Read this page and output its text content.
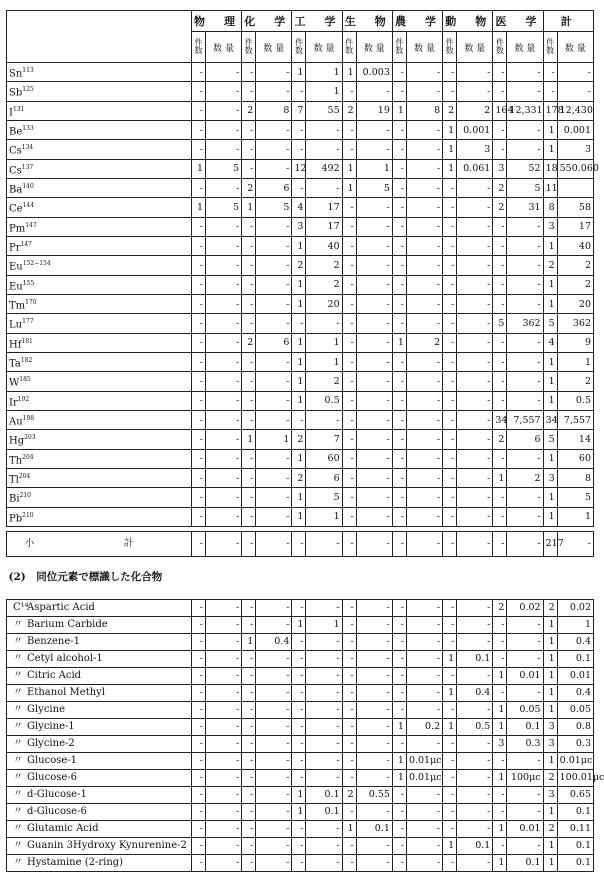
	物　理		化　学		工　学		生　物		農　学		動　物		医　学		計	
	件数	数 量	件数	数 量	件数	数 量	件数	数 量	件数	数 量	件数	数 量	件数	数 量	件数	数 量
Sn$^{113}$	-	-	-	-	1	1	1	0.003	-	-	-	-	-	-	-	-
Sb$^{125}$	-	-	-	-	-	1	-	-	-	-	-	-	-	-	-	-
$I^{131}$	-	-	2	8	7	55	2	19	1	8	2	2	164	12,331	178	12,430
Be$^{133}$	-	-	-	-	-	-	-	-	-	-	1	0.001	-	-	1	0.001
Cs$^{134}$	-	-	-	-	-	-	-	-	-	-	1	3	-	-	1	3
Cs$^{137}$	1	5	-	-	12	492	1	1	-	-	1	0.061	3	52	18	550.060
Ba$^{140}$	-	-	2	6	-	-	1	5	-	-	-	-	2	5	11	
Ce$^{144}$	1	5	1	5	4	17	-	-	-	-	-	-	2	31	8	58
Pm$^{147}$	-	-	-	-	3	17	-	-	-	-	-	-	-	-	3	17
Pr$^{147}$	-	-	-	-	1	40	-	-	-	-	-	-	-	-	1	40
$Eu^{152-154}$	-	-	-	-	2	2	-	-	-	-	-	-	-	-	2	2
Eu$^{155}$	-	-	-	-	1	2	-	-	-	-	-	-	-	-	1	2
Tm$^{170}$	-	-	-	-	1	20	-	-	-	-	-	-	-	-	1	20
Lu$^{177}$	-	-	-	-	-	-	-	-	-	-	-	-	5	362	5	362
Hf$^{181}$	-	-	2	6	1	1	-	-	1	2	-	-	-	-	4	9
Ta$^{182}$	-	-	-	-	1	1	-	-	-	-	-	-	-	-	1	1
$W^{185}$	-	-	-	-	1	2	-	-	-	-	-	-	-	-	1	2
Ir$^{192}$	-	-	-	-	1	0.5	-	-	-	-	-	-	-	-	1	0.5
Au$^{198}$	-	-	-	-	-	-	-	-	-	-	-	-	34	7,557	34	7,557
Hg$^{203}$	-	-	1	1	2	7	-	-	-	-	-	-	2	6	5	14
Th$^{204}$	-	-	-	-	1	60	-	-	-	-	-	-	-	-	1	60
Tl$^{204}$	-	-	-	-	2	6	-	-	-	-	-	-	1	2	3	8
Bi$^{210}$	-	-	-	-	1	5	-	-	-	-	-	-	-	-	1	5
Pb$^{210}$	-	-	-	-	1	1	-	-	-	-	-	-	-	-	1	1

小　計	-	-	-	-	-	-	-	-	-	-	-	-	-	-	217	-
(2)　同位元素で標識した化合物																
C¹⁴Aspartic Acid	-	-	-	-	-	-	-	-	-	-	-	-	2	0.02	2	0.02
〃 Barium Carbide	-	-	-	-	1	1	-	-	-	-	-	-	-	-	1	1
〃 Benzene-1	-	-	1	0.4	-	-	-	-	-	-	-	-	-	-	1	0.4
〃 Cetyl alcohol-1	-	-	-	-	-	-	-	-	-	-	1	0.1	-	-	1	0.1
〃 Citric Acid	-	-	-	-	-	-	-	-	-	-	-	-	1	0.01	1	0.01
〃 Ethanol Methyl	-	-	-	-	-	-	-	-	-	-	1	0.4	-	-	1	0.4
〃 Glycine	-	-	-	-	-	-	-	-	-	-	-	-	1	0.05	1	0.05
〃 Glycine-1	-	-	-	-	-	-	-	-	1	0.2	1	0.5	1	0.1	3	0.8
〃 Glycine-2	-	-	-	-	-	-	-	-	-	-	-	-	3	0.3	3	0.3
〃 Glucose-1	-	-	-	-	-	-	-	-	1	0.01μc	-	-	-	-	1	0.01μc
〃 Glucose-6	-	-	-	-	-	-	-	-	1	0.01μc	-	-	1	100μc	2	100.01μc
〃 d-Glucose-1	-	-	-	-	1	0.1	2	0.55	-	-	-	-	-	-	3	0.65
〃 d-Glucose-6	-	-	-	-	1	0.1	-	-	-	-	-	-	-	-	1	0.1
〃 Glutamic Acid	-	-	-	-	-	-	1	0.1	-	-	-	-	1	0.01	2	0.11
〃 Guanin 3Hydroxy Kynurenine-2	-	-	-	-	-	-	-	-	-	-	1	0.1	-	-	1	0.1
〃 Hystamine (2-ring)	-	-	-	-	-	-	-	-	-	-	-	-	1	0.1	1	0.1
